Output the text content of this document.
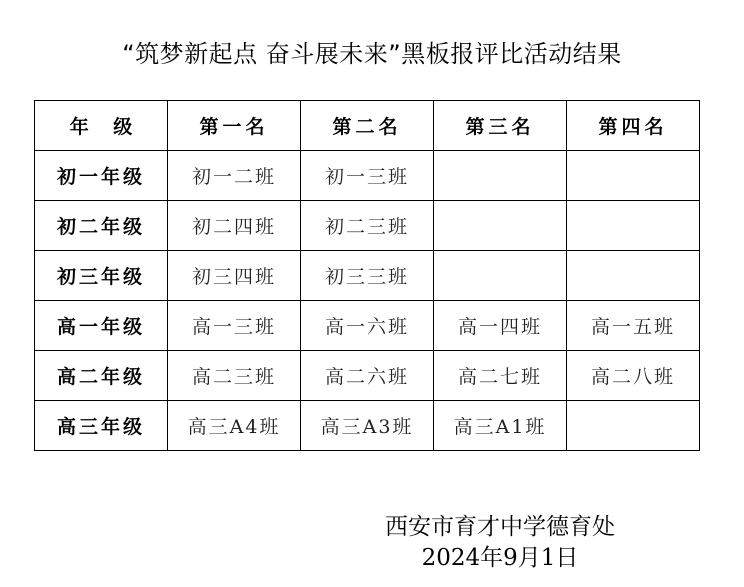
“筑梦新起点 奋斗展未来”黑板报评比活动结果
年 级	第一名	第二名	第三名	第四名
初一年级	初一二班	初一三班		
初二年级	初二四班	初二三班		
初三年级	初三四班	初三三班		
高一年级	高一三班	高一六班	高一四班	高一五班
高二年级	高二三班	高二六班	高二七班	高二八班
高三年级	高三A4班	高三A3班	高三A1班	
西安市育才中学德育处
2024年9月1日
